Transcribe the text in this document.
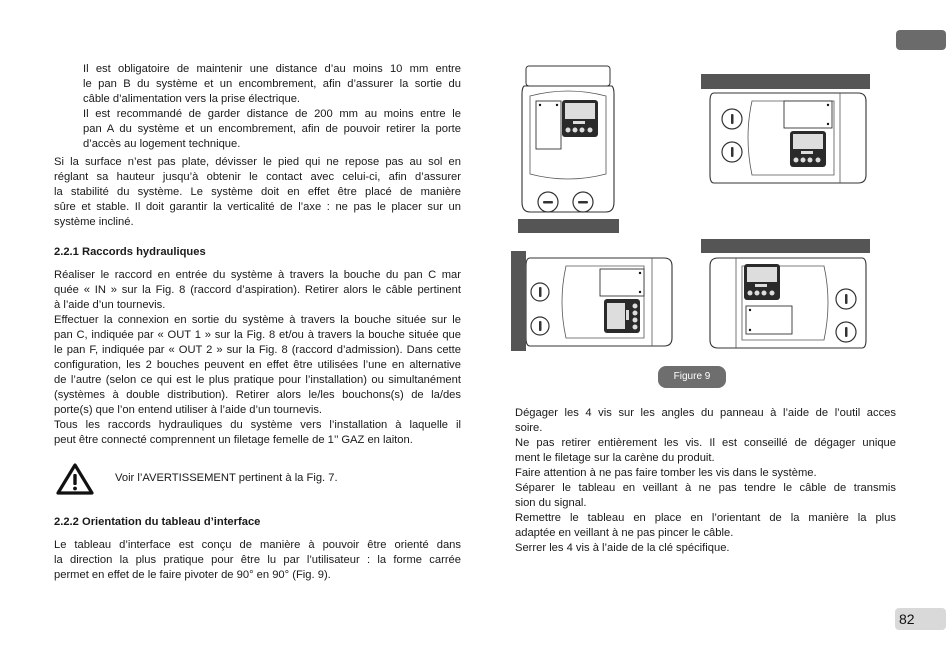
Il est obligatoire de maintenir une distance d’au moins 10 mm entre
le pan B du système et un encombrement, afin d’assurer la sortie du
câble d’alimentation vers la prise électrique.
Il est recommandé de garder distance de 200 mm au moins entre le
pan A du système et un encombrement, afin de pouvoir retirer la porte
d’accès au logement technique.
Si la surface n’est pas plate, dévisser le pied qui ne repose pas au sol en
réglant sa hauteur jusqu’à obtenir le contact avec celui-ci, afin d’assurer
la stabilité du système. Le système doit en effet être placé de manière
sûre et stable. Il doit garantir la verticalité de l’axe : ne pas le placer sur un
système incliné.
2.2.1 Raccords hydrauliques
Réaliser le raccord en entrée du système à travers la bouche du pan C mar
quée « IN » sur la Fig. 8 (raccord d’aspiration). Retirer alors le câble pertinent
à l’aide d’un tournevis.
Effectuer la connexion en sortie du système à travers la bouche située sur le
pan C, indiquée par « OUT 1 » sur la Fig. 8 et/ou à travers la bouche située que
le pan F, indiquée par « OUT 2 » sur la Fig. 8 (raccord d’admission). Dans cette
configuration, les 2 bouches peuvent en effet être utilisées l’une en alternative
de l’autre (selon ce qui est le plus pratique pour l’installation) ou simultanément
(systèmes à double distribution). Retirer alors le/les bouchons(s) de la/des
porte(s) que l’on entend utiliser à l’aide d’un tournevis.
Tous les raccords hydrauliques du système vers l’installation à laquelle il
peut être connecté comprennent un filetage femelle de 1’’ GAZ en laiton.
Voir l’AVERTISSEMENT pertinent à la Fig. 7.
2.2.2 Orientation du tableau d’interface
Le tableau d’interface est conçu de manière à pouvoir être orienté dans
la direction la plus pratique pour être lu par l’utilisateur : la forme carrée
permet en effet de le faire pivoter de 90° en 90° (Fig. 9).
Figure 9
Dégager les 4 vis sur les angles du panneau à l’aide de l’outil acces
soire.
Ne pas retirer entièrement les vis. Il est conseillé de dégager unique
ment le filetage sur la carène du produit.
Faire attention à ne pas faire tomber les vis dans le système.
Séparer le tableau en veillant à ne pas tendre le câble de transmis
sion du signal.
Remettre le tableau en place en l’orientant de la manière la plus
adaptée en veillant à ne pas pincer le câble.
Serrer les 4 vis à l’aide de la clé spécifique.
82
